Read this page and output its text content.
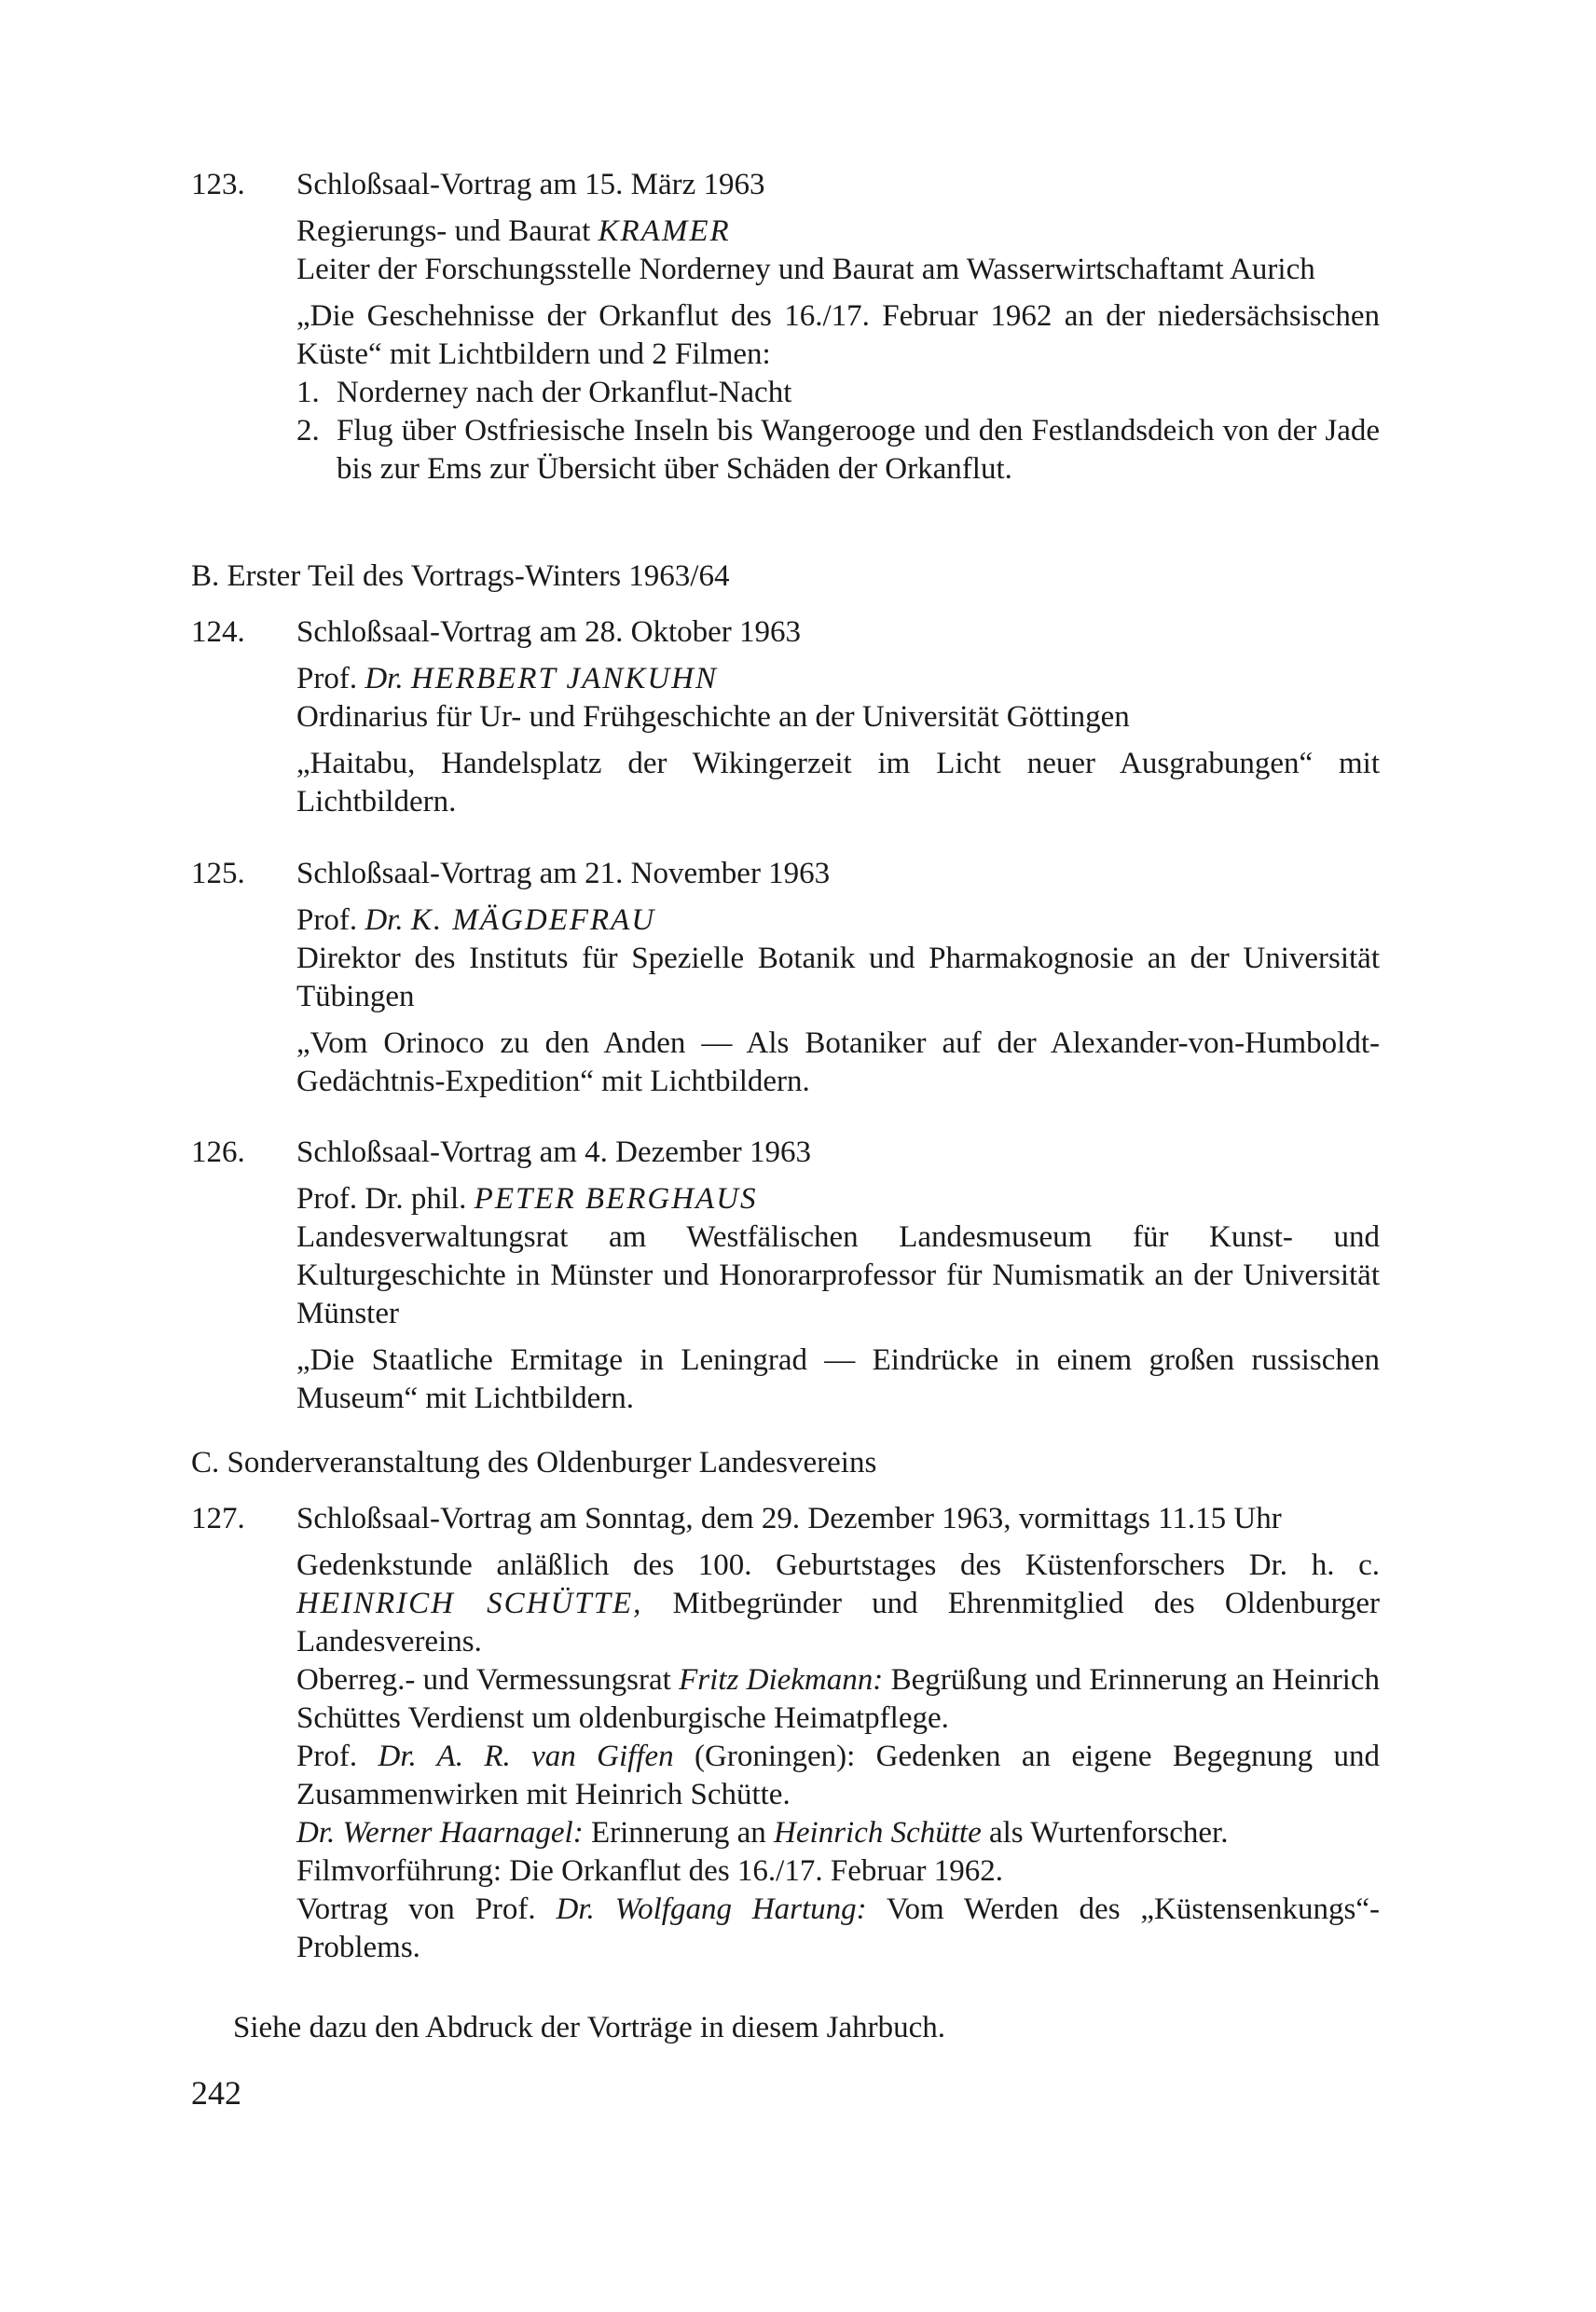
123.	Schloßsaal-Vortrag am 15. März 1963

Regierungs- und Baurat KRAMER

Leiter der Forschungsstelle Norderney und Baurat am Wasserwirtschaftamt Aurich

„Die Geschehnisse der Orkanflut des 16./17. Februar 1962 an der niedersächsischen Küste“ mit Lichtbildern und 2 Filmen:

1. Norderney nach der Orkanflut-Nacht

2. Flug über Ostfriesische Inseln bis Wangerooge und den Festlandsdeich von der Jade bis zur Ems zur Übersicht über Schäden der Orkanflut.

B. Erster Teil des Vortrags-Winters 1963/64

124.	Schloßsaal-Vortrag am 28. Oktober 1963

Prof. Dr. HERBERT JANKUHN

Ordinarius für Ur- und Frühgeschichte an der Universität Göttingen

„Haitabu, Handelsplatz der Wikingerzeit im Licht neuer Ausgrabungen“ mit Lichtbildern.

125.	Schloßsaal-Vortrag am 21. November 1963

Prof. Dr. K. MÄGDEFRAU

Direktor des Instituts für Spezielle Botanik und Pharmakognosie an der Universität Tübingen

„Vom Orinoco zu den Anden — Als Botaniker auf der Alexander-von-Humboldt-Gedächtnis-Expedition“ mit Lichtbildern.

126.	Schloßsaal-Vortrag am 4. Dezember 1963

Prof. Dr. phil. PETER BERGHAUS

Landesverwaltungsrat am Westfälischen Landesmuseum für Kunst- und Kulturgeschichte in Münster und Honorarprofessor für Numismatik an der Universität Münster

„Die Staatliche Ermitage in Leningrad — Eindrücke in einem großen russischen Museum“ mit Lichtbildern.

C. Sonderveranstaltung des Oldenburger Landesvereins

127.	Schloßsaal-Vortrag am Sonntag, dem 29. Dezember 1963, vormittags 11.15 Uhr

Gedenkstunde anläßlich des 100. Geburtstages des Küstenforschers Dr. h. c. HEINRICH SCHÜTTE, Mitbegründer und Ehrenmitglied des Oldenburger Landesvereins.

Oberreg.- und Vermessungsrat Fritz Diekmann: Begrüßung und Erinnerung an Heinrich Schüttes Verdienst um oldenburgische Heimatpflege.

Prof. Dr. A. R. van Giffen (Groningen): Gedenken an eigene Begegnung und Zusammenwirken mit Heinrich Schütte.

Dr. Werner Haarnagel: Erinnerung an Heinrich Schütte als Wurtenforscher.

Filmvorführung: Die Orkanflut des 16./17. Februar 1962.

Vortrag von Prof. Dr. Wolfgang Hartung: Vom Werden des „Küstensenkungs“-Problems.

Siehe dazu den Abdruck der Vorträge in diesem Jahrbuch.

242
